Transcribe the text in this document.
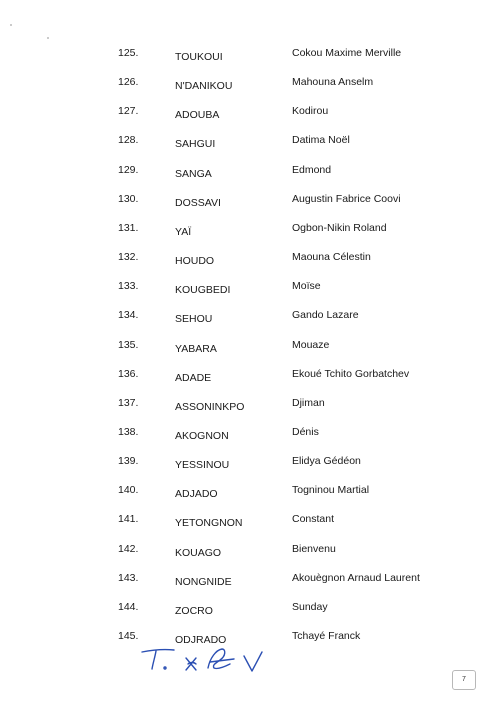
125.	TOUKOUI	Cokou Maxime Merville
126.	N'DANIKOU	Mahouna Anselm
127.	ADOUBA	Kodirou
128.	SAHGUI	Datima Noël
129.	SANGA	Edmond
130.	DOSSAVI	Augustin Fabrice Coovi
131.	YAÏ	Ogbon-Nikin Roland
132.	HOUDO	Maouna Célestin
133.	KOUGBEDI	Moïse
134.	SEHOU	Gando Lazare
135.	YABARA	Mouaze
136.	ADADE	Ekoué Tchito Gorbatchev
137.	ASSONINKPO	Djiman
138.	AKOGNON	Dénis
139.	YESSINOU	Elidya Gédéon
140.	ADJADO	Togninou Martial
141.	YETONGNON	Constant
142.	KOUAGO	Bienvenu
143.	NONGNIDE	Akouègnon Arnaud Laurent
144.	ZOCRO	Sunday
145.	ODJRADO	Tchayé Franck
7
